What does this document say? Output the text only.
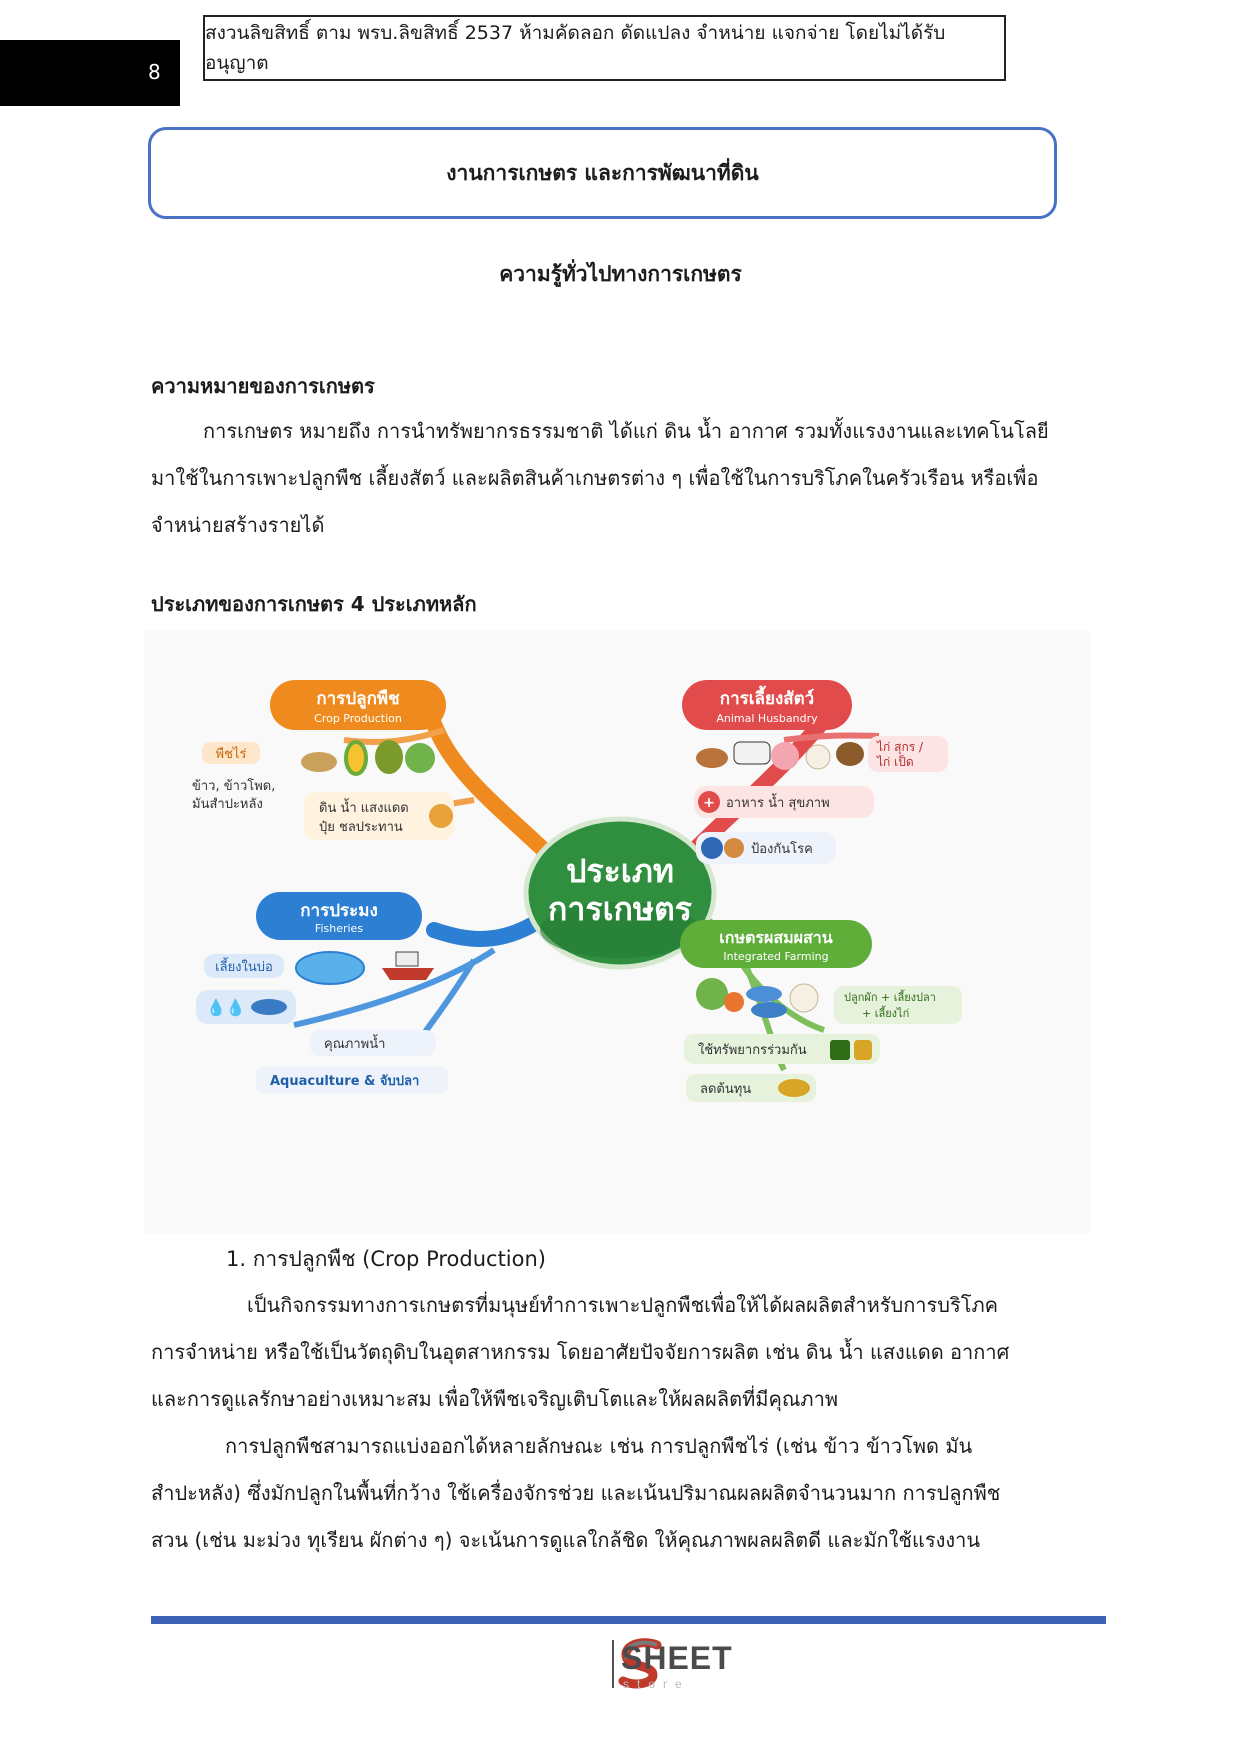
8
สงวนลิขสิทธิ์ ตาม พรบ.ลิขสิทธิ์ 2537 ห้ามคัดลอก ดัดแปลง จำหน่าย แจกจ่าย โดยไม่ได้รับอนุญาต
งานการเกษตร และการพัฒนาที่ดิน
ความรู้ทั่วไปทางการเกษตร
ความหมายของการเกษตร
การเกษตร หมายถึง การนำทรัพยากรธรรมชาติ ได้แก่ ดิน น้ำ อากาศ รวมทั้งแรงงานและเทคโนโลยี
มาใช้ในการเพาะปลูกพืช เลี้ยงสัตว์ และผลิตสินค้าเกษตรต่าง ๆ เพื่อใช้ในการบริโภคในครัวเรือน หรือเพื่อ
จำหน่ายสร้างรายได้
ประเภทของการเกษตร 4 ประเภทหลัก
ประเภท
การเกษตร
การปลูกพืช
Crop Production
พืชไร่
ข้าว, ข้าวโพด,
มันสำปะหลัง	ดิน น้ำ แสงแดด
ปุ๋ย ชลประทาน
การเลี้ยงสัตว์
Animal Husbandry
ไก่ สุกร /
ไก่ เป็ด
+ อาหาร น้ำ สุขภาพ
ป้องกันโรค
การประมง
Fisheries
เลี้ยงในบ่อ
💧💧
คุณภาพน้ำ
Aquaculture & จับปลา
เกษตรผสมผสาน
Integrated Farming
ปลูกผัก + เลี้ยงปลา
+ เลี้ยงไก่
ใช้ทรัพยากรร่วมกัน
ลดต้นทุน
1. การปลูกพืช (Crop Production)
เป็นกิจกรรมทางการเกษตรที่มนุษย์ทำการเพาะปลูกพืชเพื่อให้ได้ผลผลิตสำหรับการบริโภค
การจำหน่าย หรือใช้เป็นวัตถุดิบในอุตสาหกรรม โดยอาศัยปัจจัยการผลิต เช่น ดิน น้ำ แสงแดด อากาศ
และการดูแลรักษาอย่างเหมาะสม เพื่อให้พืชเจริญเติบโตและให้ผลผลิตที่มีคุณภาพ
การปลูกพืชสามารถแบ่งออกได้หลายลักษณะ เช่น การปลูกพืชไร่ (เช่น ข้าว ข้าวโพด มัน
สำปะหลัง) ซึ่งมักปลูกในพื้นที่กว้าง ใช้เครื่องจักรช่วย และเน้นปริมาณผลผลิตจำนวนมาก การปลูกพืช
สวน (เช่น มะม่วง ทุเรียน ผักต่าง ๆ) จะเน้นการดูแลใกล้ชิด ให้คุณภาพผลผลิตดี และมักใช้แรงงาน
SHEET
store
